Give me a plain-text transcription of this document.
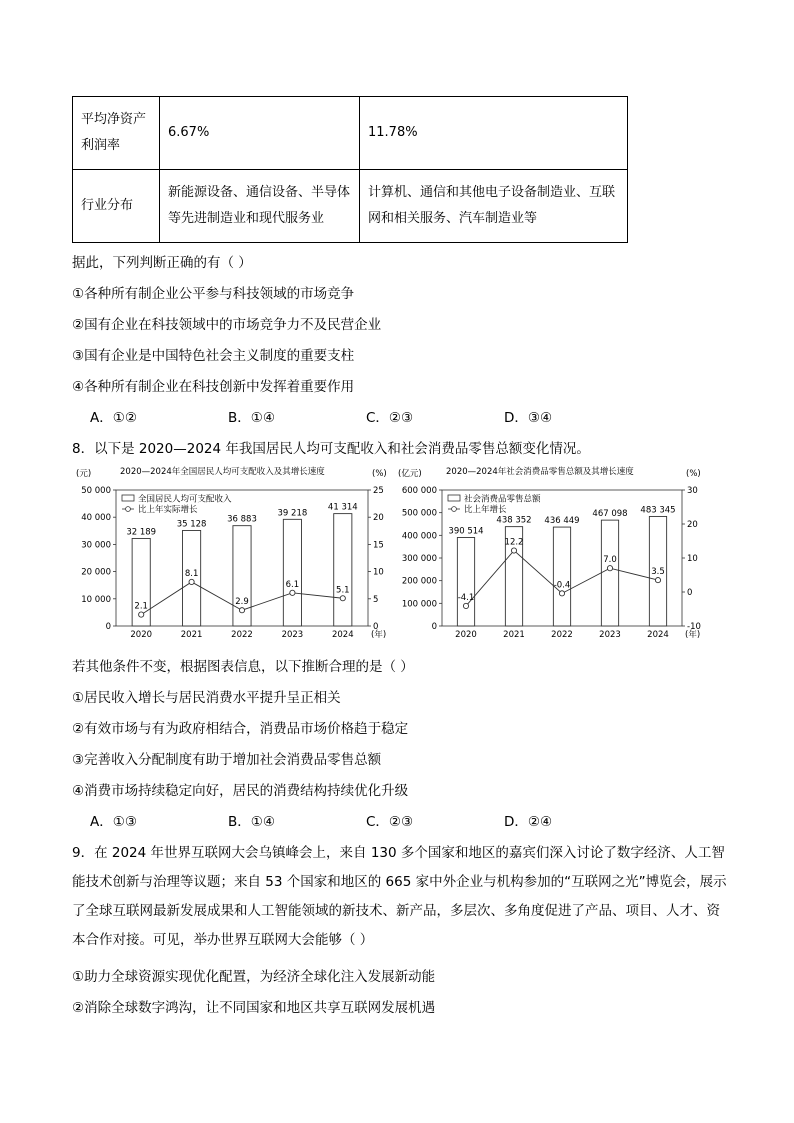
平均净资产利润率	6.67%	11.78%
行业分布	新能源设备、通信设备、半导体等先进制造业和现代服务业	计算机、通信和其他电子设备制造业、互联网和相关服务、汽车制造业等
据此，下列判断正确的有（ ）
①各种所有制企业公平参与科技领域的市场竞争
②国有企业在科技领域中的市场竞争力不及民营企业
③国有企业是中国特色社会主义制度的重要支柱
④各种所有制企业在科技创新中发挥着重要作用
A．①②	B．①④	C．②③	D．③④
8．以下是 2020—2024 年我国居民人均可支配收入和社会消费品零售总额变化情况。
(元)	2020—2024年全国居民人均可支配收入及其增长速度	(%)
0
10 000
20 000
30 000
40 000
50 000
0
5
10
15
20
25
32 189
2020
35 128
2021
36 883
2022
39 218
2023
41 314
2024 (年)
2.1
8.1
2.9
6.1
5.1
全国居民人均可支配收入
比上年实际增长
(亿元)	2020—2024年社会消费品零售总额及其增长速度	(%)
0
100 000
200 000
300 000
400 000
500 000
600 000
-10
0
10
20
30
390 514
2020
438 352
2021
436 449
2022
467 098
2023
483 345
2024 (年)
-4.1
12.2
-0.4
7.0
3.5
社会消费品零售总额
比上年增长
若其他条件不变，根据图表信息，以下推断合理的是（ ）
①居民收入增长与居民消费水平提升呈正相关
②有效市场与有为政府相结合，消费品市场价格趋于稳定
③完善收入分配制度有助于增加社会消费品零售总额
④消费市场持续稳定向好，居民的消费结构持续优化升级
A．①③	B．①④	C．②③	D．②④
9．在 2024 年世界互联网大会乌镇峰会上，来自 130 多个国家和地区的嘉宾们深入讨论了数字经济、人工智能技术创新与治理等议题；来自 53 个国家和地区的 665 家中外企业与机构参加的“互联网之光”博览会，展示了全球互联网最新发展成果和人工智能领域的新技术、新产品，多层次、多角度促进了产品、项目、人才、资本合作对接。可见，举办世界互联网大会能够（ ）
①助力全球资源实现优化配置，为经济全球化注入发展新动能
②消除全球数字鸿沟，让不同国家和地区共享互联网发展机遇
